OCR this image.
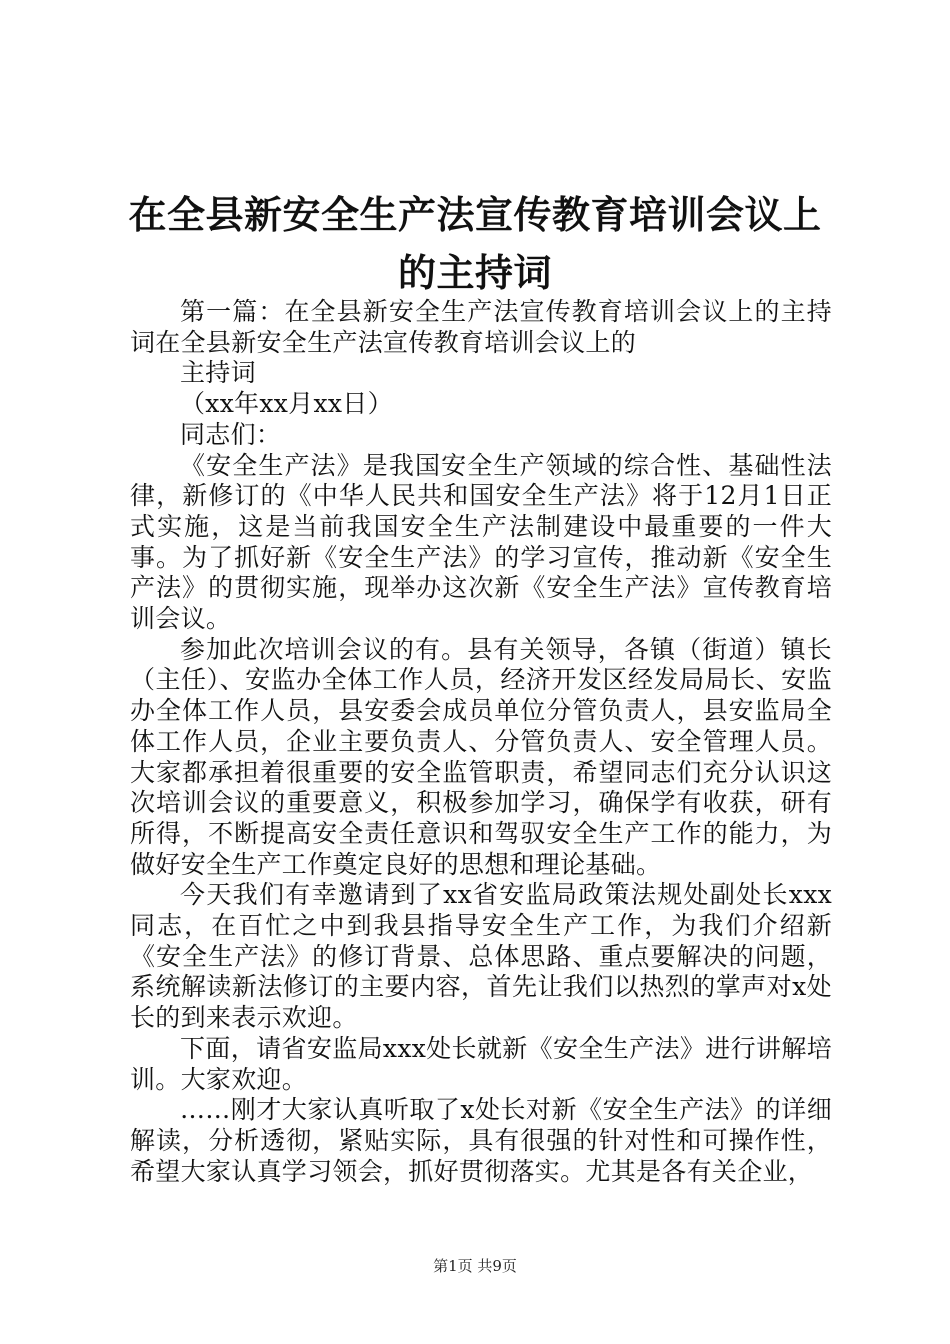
在全县新安全生产法宣传教育培训会议上的主持词

第一篇：在全县新安全生产法宣传教育培训会议上的主持词在全县新安全生产法宣传教育培训会议上的

主持词

（xx年xx月xx日）

同志们：

《安全生产法》是我国安全生产领域的综合性、基础性法律，新修订的《中华人民共和国安全生产法》将于12月1日正式实施，这是当前我国安全生产法制建设中最重要的一件大事。为了抓好新《安全生产法》的学习宣传，推动新《安全生产法》的贯彻实施，现举办这次新《安全生产法》宣传教育培训会议。

参加此次培训会议的有。县有关领导，各镇（街道）镇长（主任）、安监办全体工作人员，经济开发区经发局局长、安监办全体工作人员，县安委会成员单位分管负责人，县安监局全体工作人员，企业主要负责人、分管负责人、安全管理人员。大家都承担着很重要的安全监管职责，希望同志们充分认识这次培训会议的重要意义，积极参加学习，确保学有收获，研有所得，不断提高安全责任意识和驾驭安全生产工作的能力，为做好安全生产工作奠定良好的思想和理论基础。

今天我们有幸邀请到了xx省安监局政策法规处副处长xxx同志，在百忙之中到我县指导安全生产工作，为我们介绍新《安全生产法》的修订背景、总体思路、重点要解决的问题，系统解读新法修订的主要内容，首先让我们以热烈的掌声对x处长的到来表示欢迎。

下面，请省安监局xxx处长就新《安全生产法》进行讲解培训。大家欢迎。

……刚才大家认真听取了x处长对新《安全生产法》的详细解读，分析透彻，紧贴实际，具有很强的针对性和可操作性，希望大家认真学习领会，抓好贯彻落实。尤其是各有关企业，

第1页 共9页
